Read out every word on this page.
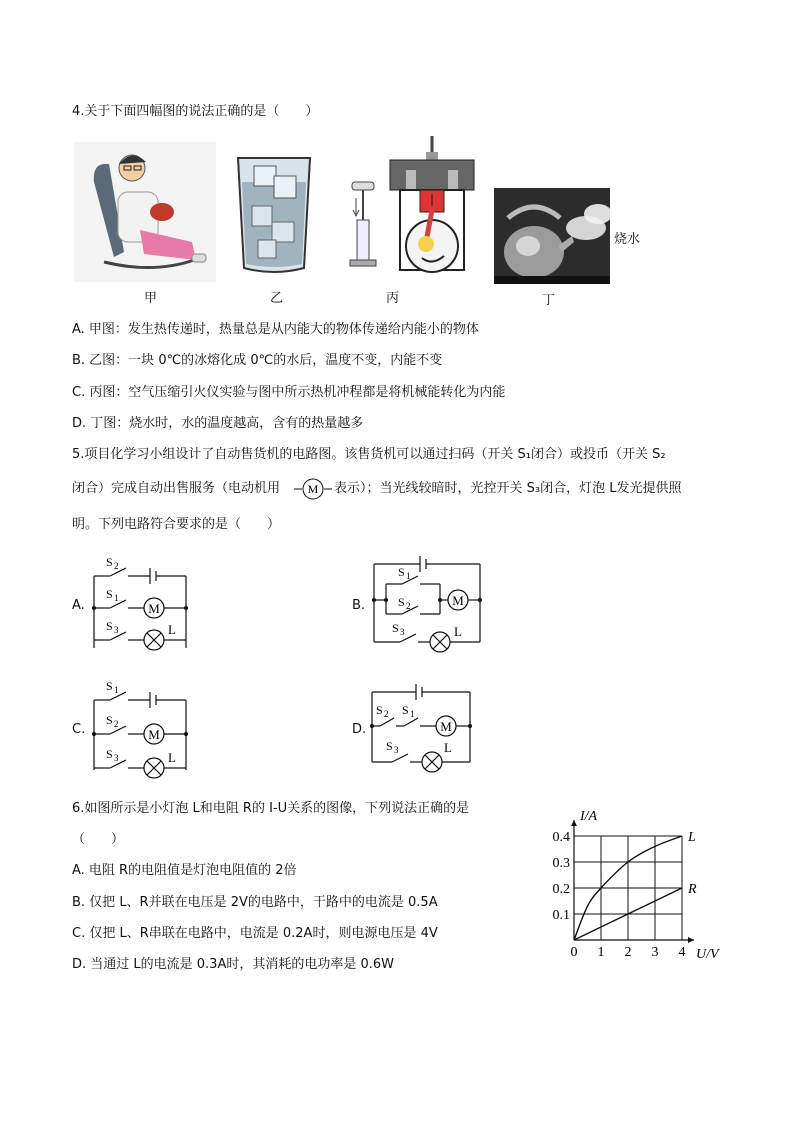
4.关于下面四幅图的说法正确的是（　　）
甲	乙	丙	丁
烧水
A. 甲图：发生热传递时，热量总是从内能大的物体传递给内能小的物体
B. 乙图：一块 0℃的冰熔化成 0℃的水后，温度不变，内能不变
C. 丙图：空气压缩引火仪实验与图中所示热机冲程都是将机械能转化为内能
D. 丁图：烧水时，水的温度越高，含有的热量越多
5.项目化学习小组设计了自动售货机的电路图。该售货机可以通过扫码（开关 S₁闭合）或投币（开关 S₂
闭合）完成自动出售服务（电动机用 M 表示）；当光线较暗时，光控开关 S₃闭合，灯泡 L发光提供照
明。下列电路符合要求的是（　　）
A.	M
L
S 2
S 1
S 3
B.	M
L
S 1
S 2
S 3
C.	M
L
S 1
S 2
S 3
D.	M
L
S 2 S 1
S 3
6.如图所示是小灯泡 L和电阻 R的 I-U关系的图像，下列说法正确的是
（　　）
A. 电阻 R的电阻值是灯泡电阻值的 2倍
B. 仅把 L、R并联在电压是 2V的电路中，干路中的电流是 0.5A
C. 仅把 L、R串联在电路中，电流是 0.2A时，则电源电压是 4V
D. 当通过 L的电流是 0.3A时，其消耗的电功率是 0.6W
0 1 2 3 4
0.1
0.2
0.3
0.4
I/A
U/V
L
R
